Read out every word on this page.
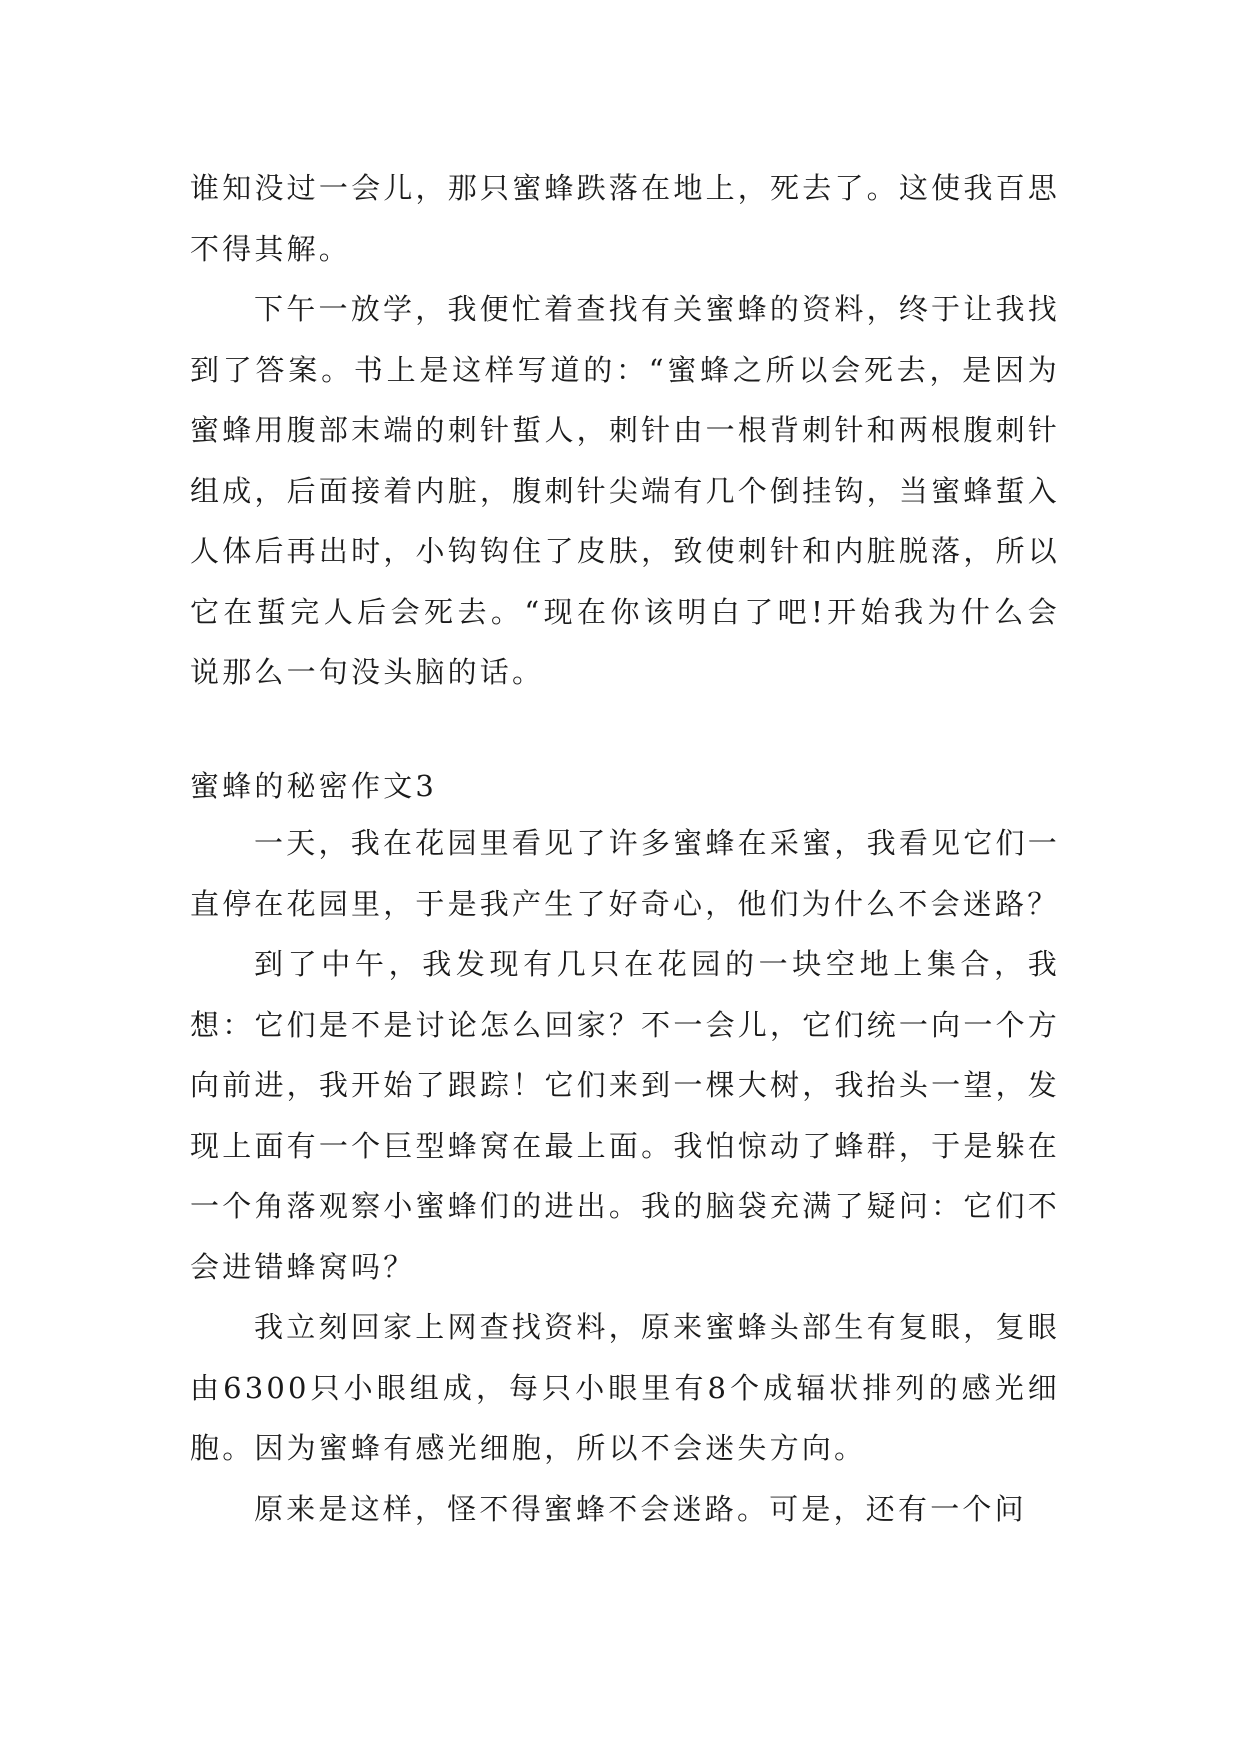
谁知没过一会儿，那只蜜蜂跌落在地上，死去了。这使我百思不得其解。

下午一放学，我便忙着查找有关蜜蜂的资料，终于让我找到了答案。书上是这样写道的：“蜜蜂之所以会死去，是因为蜜蜂用腹部末端的刺针蜇人，刺针由一根背刺针和两根腹刺针组成，后面接着内脏，腹刺针尖端有几个倒挂钩，当蜜蜂蜇入人体后再出时，小钩钩住了皮肤，致使刺针和内脏脱落，所以它在蜇完人后会死去。“现在你该明白了吧!开始我为什么会说那么一句没头脑的话。

蜜蜂的秘密作文3

一天，我在花园里看见了许多蜜蜂在采蜜，我看见它们一直停在花园里，于是我产生了好奇心，他们为什么不会迷路？

到了中午，我发现有几只在花园的一块空地上集合，我想：它们是不是讨论怎么回家？不一会儿，它们统一向一个方向前进，我开始了跟踪！它们来到一棵大树，我抬头一望，发现上面有一个巨型蜂窝在最上面。我怕惊动了蜂群，于是躲在一个角落观察小蜜蜂们的进出。我的脑袋充满了疑问：它们不会进错蜂窝吗？

我立刻回家上网查找资料，原来蜜蜂头部生有复眼，复眼由6300只小眼组成，每只小眼里有8个成辐状排列的感光细胞。因为蜜蜂有感光细胞，所以不会迷失方向。

原来是这样，怪不得蜜蜂不会迷路。可是，还有一个问
